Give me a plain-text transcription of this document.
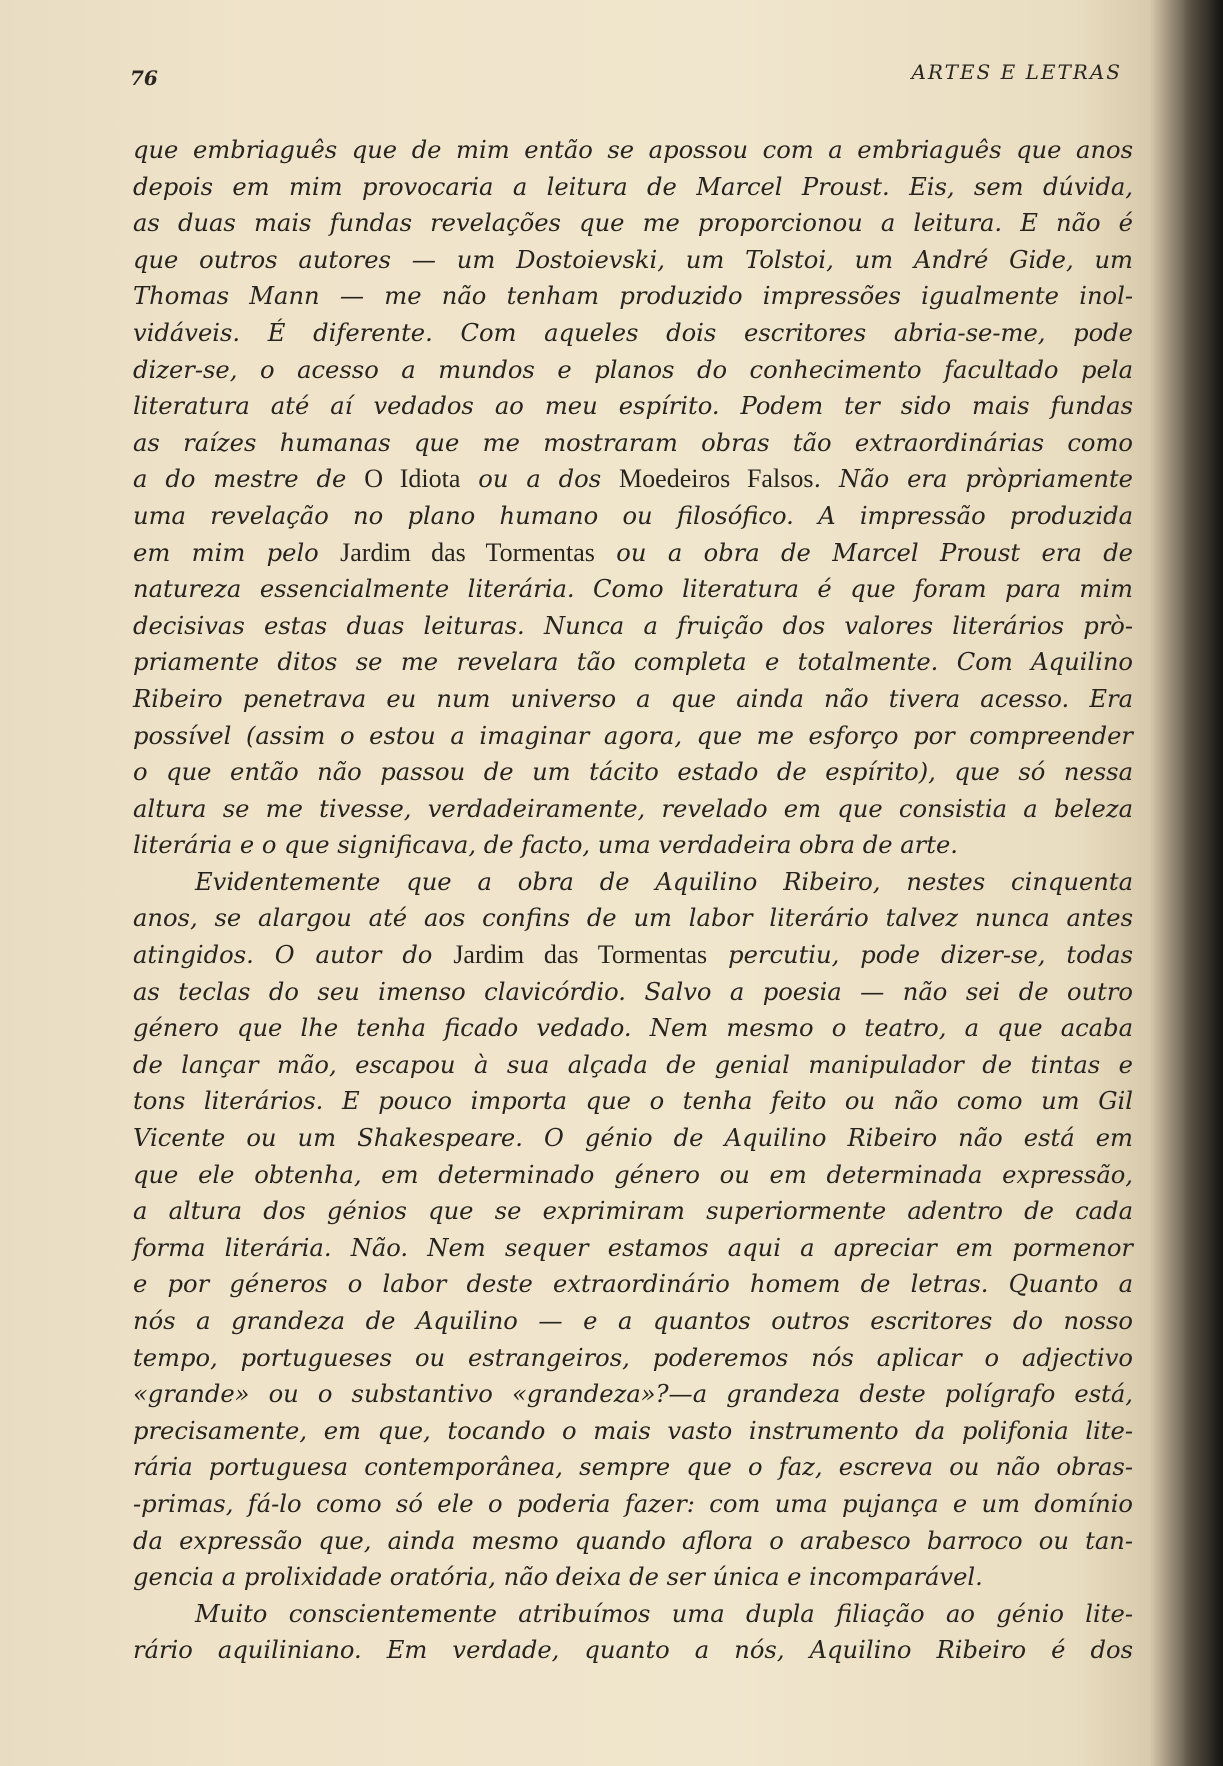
76	ARTES E LETRAS
que embriaguês que de mim então se apossou com a embriaguês que anos
depois em mim provocaria a leitura de Marcel Proust. Eis, sem dúvida,
as duas mais fundas revelações que me proporcionou a leitura. E não é
que outros autores — um Dostoievski, um Tolstoi, um André Gide, um
Thomas Mann — me não tenham produzido impressões igualmente inol-
vidáveis. É diferente. Com aqueles dois escritores abria-se-me, pode
dizer-se, o acesso a mundos e planos do conhecimento facultado pela
literatura até aí vedados ao meu espírito. Podem ter sido mais fundas
as raízes humanas que me mostraram obras tão extraordinárias como
a do mestre de O Idiota ou a dos Moedeiros Falsos. Não era pròpriamente
uma revelação no plano humano ou filosófico. A impressão produzida
em mim pelo Jardim das Tormentas ou a obra de Marcel Proust era de
natureza essencialmente literária. Como literatura é que foram para mim
decisivas estas duas leituras. Nunca a fruição dos valores literários prò-
priamente ditos se me revelara tão completa e totalmente. Com Aquilino
Ribeiro penetrava eu num universo a que ainda não tivera acesso. Era
possível (assim o estou a imaginar agora, que me esforço por compreender
o que então não passou de um tácito estado de espírito), que só nessa
altura se me tivesse, verdadeiramente, revelado em que consistia a beleza
literária e o que significava, de facto, uma verdadeira obra de arte.
Evidentemente que a obra de Aquilino Ribeiro, nestes cinquenta
anos, se alargou até aos confins de um labor literário talvez nunca antes
atingidos. O autor do Jardim das Tormentas percutiu, pode dizer-se, todas
as teclas do seu imenso clavicórdio. Salvo a poesia — não sei de outro
género que lhe tenha ficado vedado. Nem mesmo o teatro, a que acaba
de lançar mão, escapou à sua alçada de genial manipulador de tintas e
tons literários. E pouco importa que o tenha feito ou não como um Gil
Vicente ou um Shakespeare. O génio de Aquilino Ribeiro não está em
que ele obtenha, em determinado género ou em determinada expressão,
a altura dos génios que se exprimiram superiormente adentro de cada
forma literária. Não. Nem sequer estamos aqui a apreciar em pormenor
e por géneros o labor deste extraordinário homem de letras. Quanto a
nós a grandeza de Aquilino — e a quantos outros escritores do nosso
tempo, portugueses ou estrangeiros, poderemos nós aplicar o adjectivo
«grande» ou o substantivo «grandeza»?—a grandeza deste polígrafo está,
precisamente, em que, tocando o mais vasto instrumento da polifonia lite-
rária portuguesa contemporânea, sempre que o faz, escreva ou não obras-
-primas, fá-lo como só ele o poderia fazer: com uma pujança e um domínio
da expressão que, ainda mesmo quando aflora o arabesco barroco ou tan-
gencia a prolixidade oratória, não deixa de ser única e incomparável.
Muito conscientemente atribuímos uma dupla filiação ao génio lite-
rário aquiliniano. Em verdade, quanto a nós, Aquilino Ribeiro é dos
